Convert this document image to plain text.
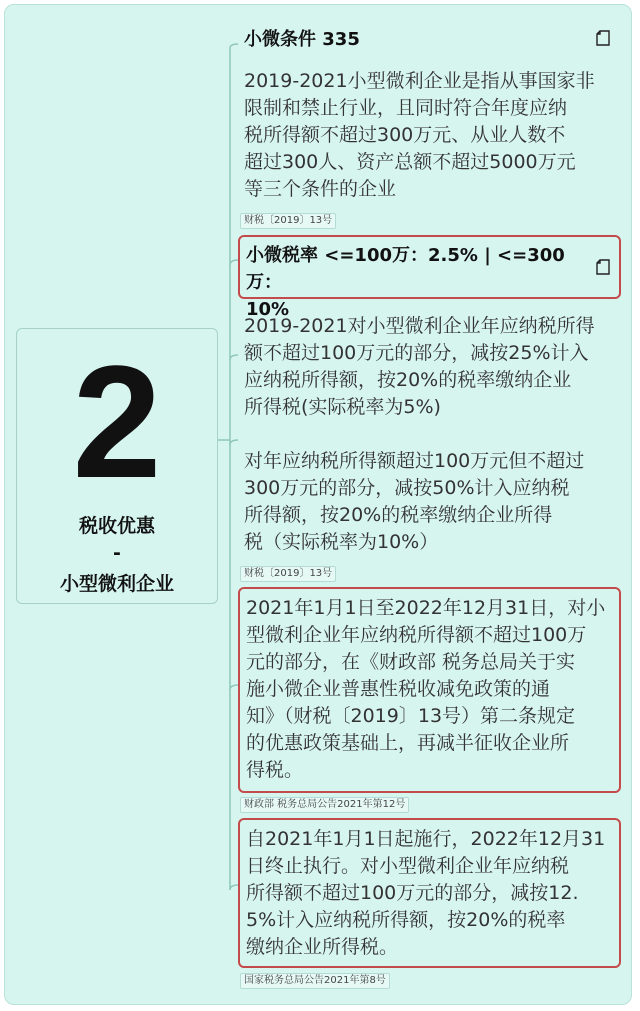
2
税收优惠
-
小型微利企业
小微条件 335
2019-2021小型微利企业是指从事国家非
限制和禁止行业，且同时符合年度应纳
税所得额不超过300万元、从业人数不
超过300人、资产总额不超过5000万元
等三个条件的企业
财税〔2019〕13号
小微税率 <=100万：2.5% | <=300万：
10%
2019-2021对小型微利企业年应纳税所得
额不超过100万元的部分，减按25%计入
应纳税所得额，按20%的税率缴纳企业
所得税(实际税率为5%)
对年应纳税所得额超过100万元但不超过
300万元的部分，减按50%计入应纳税
所得额，按20%的税率缴纳企业所得
税（实际税率为10%）
财税〔2019〕13号
2021年1月1日至2022年12月31日，对小
型微利企业年应纳税所得额不超过100万
元的部分，在《财政部 税务总局关于实
施小微企业普惠性税收减免政策的通
知》（财税〔2019〕13号）第二条规定
的优惠政策基础上，再减半征收企业所
得税。
财政部 税务总局公告2021年第12号
自2021年1月1日起施行，2022年12月31
日终止执行。对小型微利企业年应纳税
所得额不超过100万元的部分，减按12.
5%计入应纳税所得额，按20%的税率
缴纳企业所得税。
国家税务总局公告2021年第8号
